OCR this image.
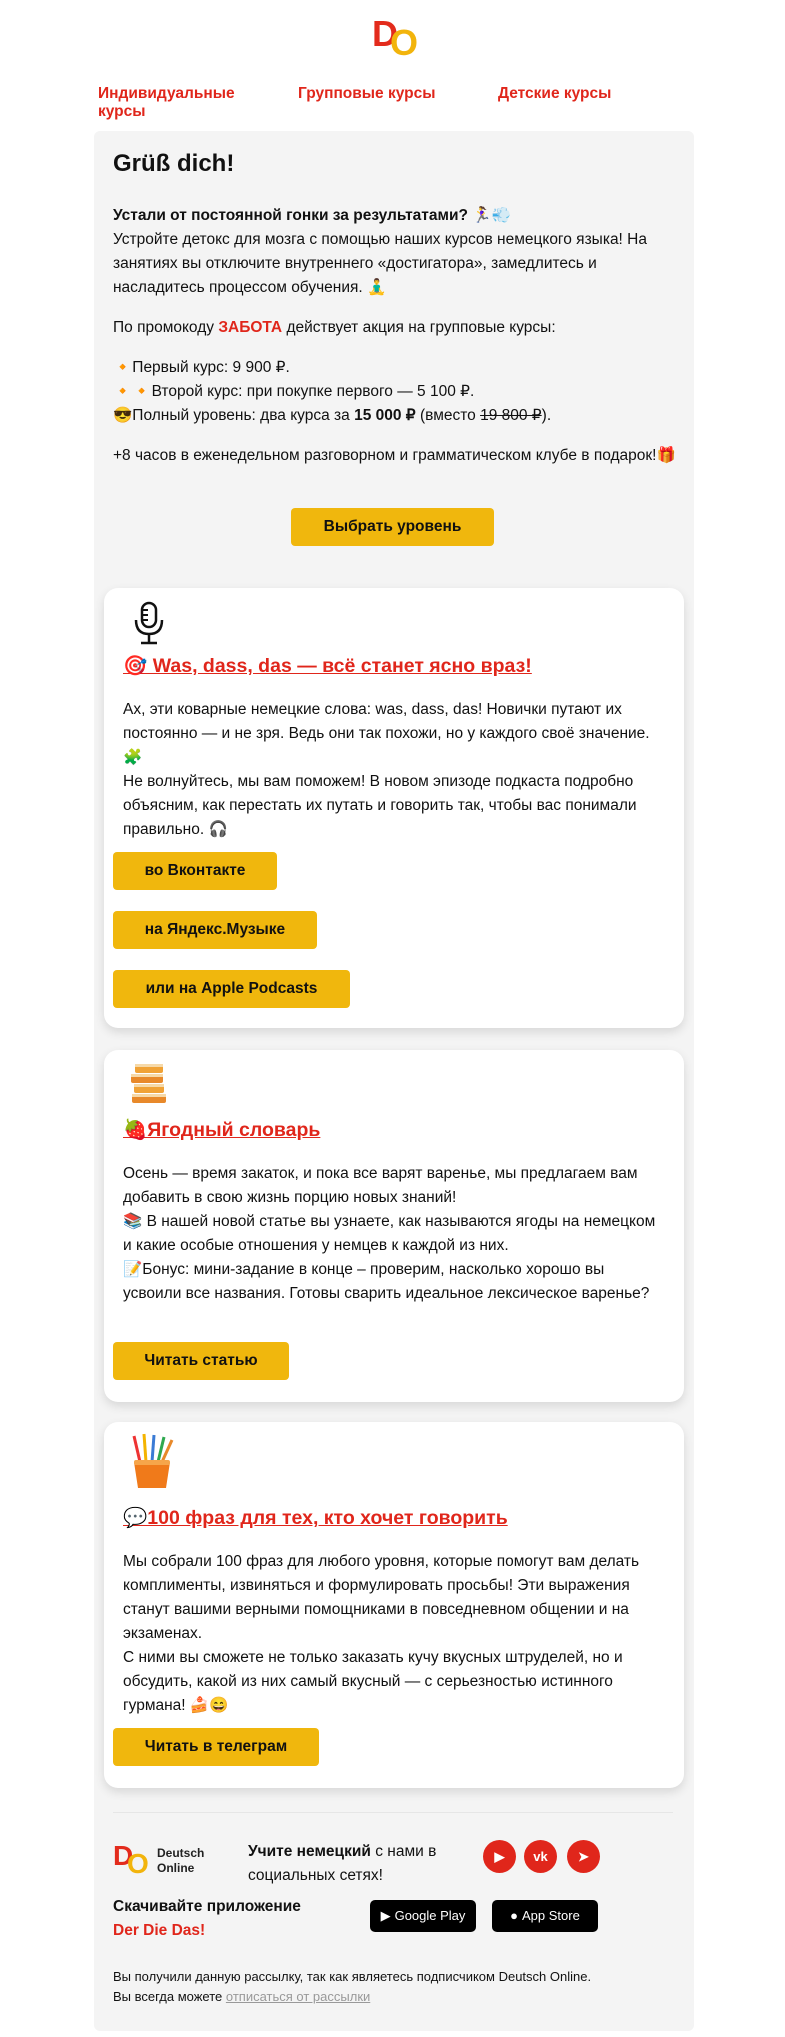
D
O
Индивидуальные курсы
Групповые курсы	Детские курсы
Grüß dich!

Устали от постоянной гонки за результатами? 🏃‍♀️💨
Устройте детокс для мозга с помощью наших курсов немецкого языка! На занятиях вы отключите внутреннего «достигатора», замедлитесь и насладитесь процессом обучения. 🧘‍♂️

По промокоду ЗАБОТА действует акция на групповые курсы:

🔸Первый курс: 9 900 ₽.
🔸🔸Второй курс: при покупке первого — 5 100 ₽.
😎Полный уровень: два курса за 15 000 ₽ (вместо 19 800 ₽).

+8 часов в еженедельном разговорном и грамматическом клубе в подарок!🎁

Выбрать уровень
🎯 Was, dass, das — всё станет ясно враз!
Ах, эти коварные немецкие слова: was, dass, das! Новички путают их постоянно — и не зря. Ведь они так похожи, но у каждого своё значение.🧩
Не волнуйтесь, мы вам поможем! В новом эпизоде подкаста подробно объясним, как перестать их путать и говорить так, чтобы вас понимали правильно. 🎧
во Вконтакте
на Яндекс.Музыке
или на Apple Podcasts
🍓Ягодный словарь
Осень — время закаток, и пока все варят варенье, мы предлагаем вам добавить в свою жизнь порцию новых знаний!
📚 В нашей новой статье вы узнаете, как называются ягоды на немецком и какие особые отношения у немцев к каждой из них.
📝Бонус: мини-задание в конце – проверим, насколько хорошо вы усвоили все названия. Готовы сварить идеальное лексическое варенье?
Читать статью
💬100 фраз для тех, кто хочет говорить
Мы собрали 100 фраз для любого уровня, которые помогут вам делать комплименты, извиняться и формулировать просьбы! Эти выражения станут вашими верными помощниками в повседневном общении и на экзаменах.
С ними вы сможете не только заказать кучу вкусных штруделей, но и обсудить, какой из них самый вкусный — с серьезностью истинного гурмана! 🍰😄
Читать в телеграм
D
O Deutsch Online
Учите немецкий с нами в социальных сетях!
▶	vk	➤
Скачивайте приложение
Der Die Das!
▶ Google Play	● App Store
Вы получили данную рассылку, так как являетесь подписчиком Deutsch Online.
Вы всегда можете отписаться от рассылки
